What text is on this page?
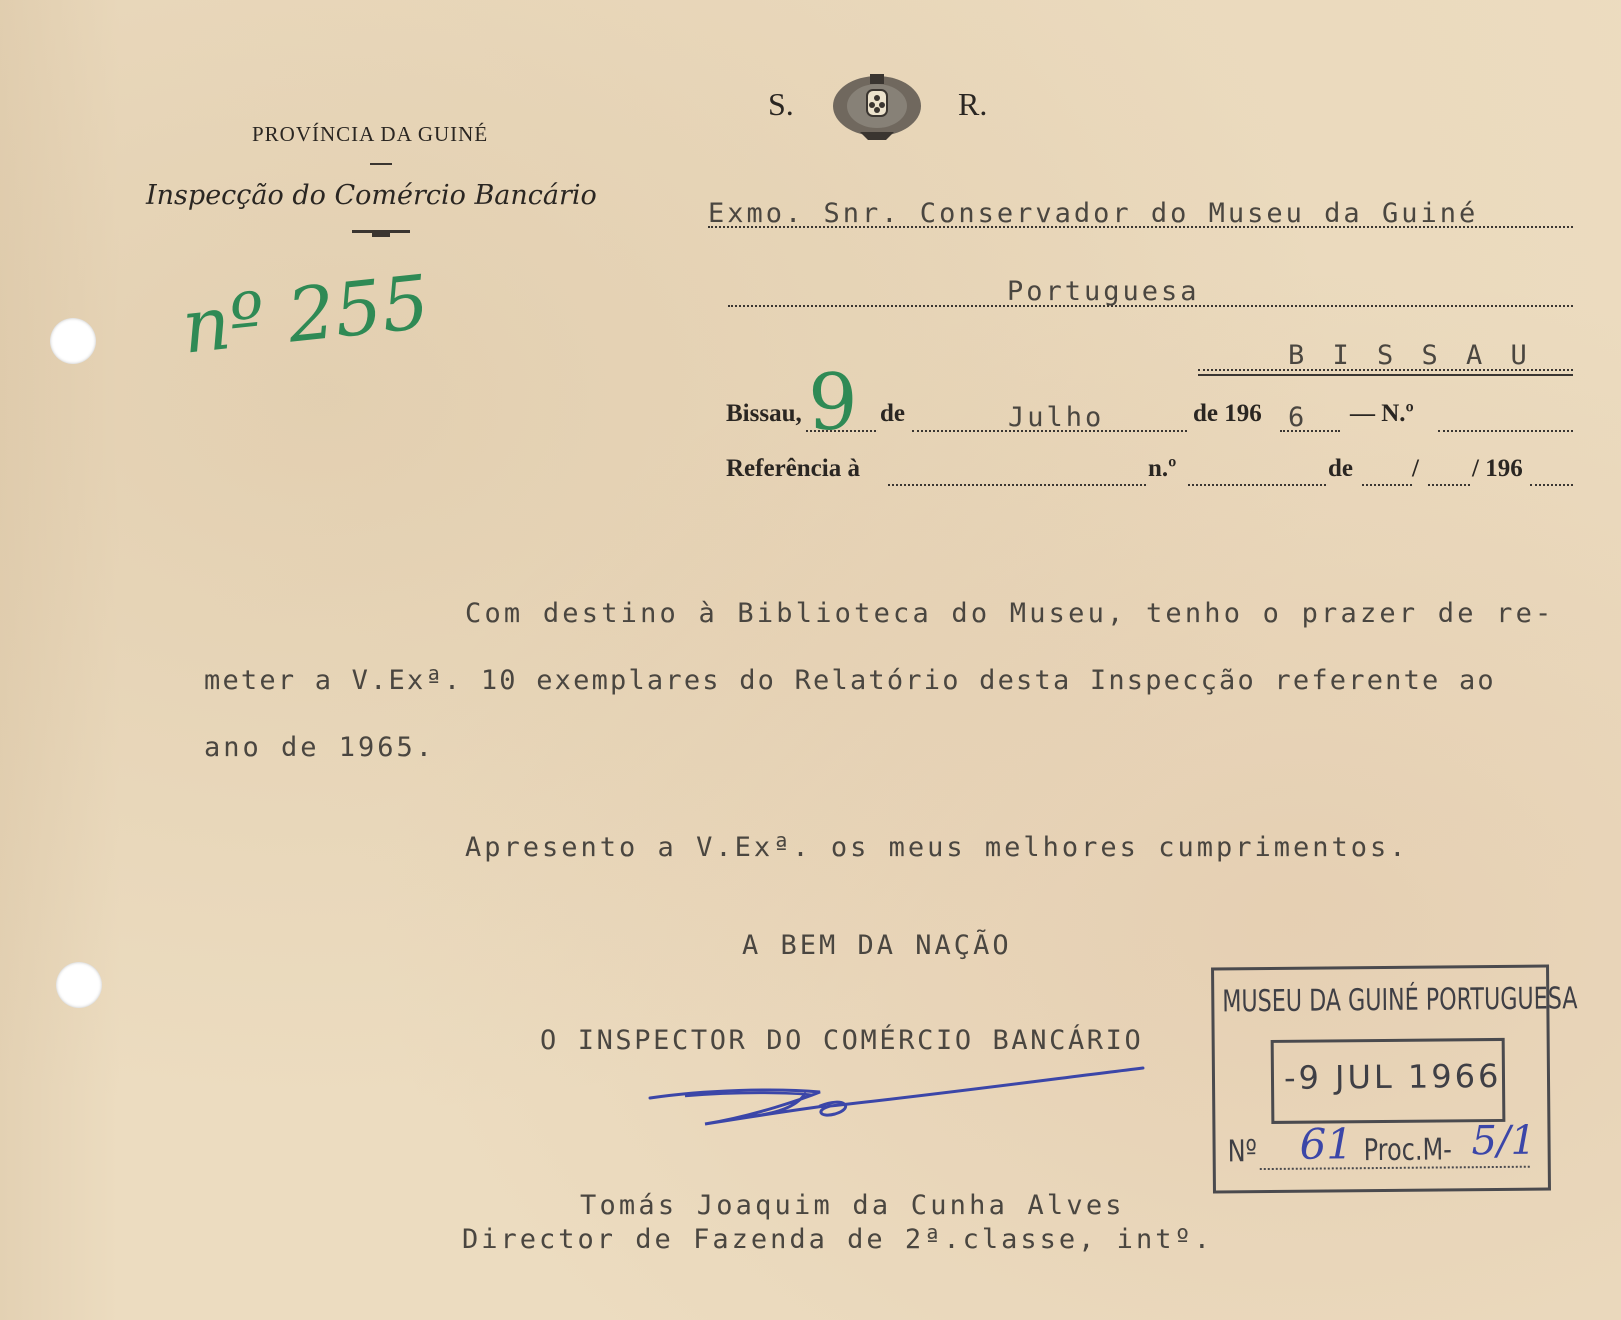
S.	R.
PROVÍNCIA DA GUINÉ
Inspecção do Comércio Bancário
nº 255
Exmo. Snr. Conservador do Museu da Guiné
Portuguesa
B I S S A U
Bissau, 9 de	Julho	de 196 6 — N.º
Referência à	n.º	de / / 196
Com destino à Biblioteca do Museu, tenho o prazer de re-
meter a V.Exª. 10 exemplares do Relatório desta Inspecção referente ao
ano de 1965.
Apresento a V.Exª. os meus melhores cumprimentos.
A BEM DA NAÇÃO
O INSPECTOR DO COMÉRCIO BANCÁRIO
Tomás Joaquim da Cunha Alves
Director de Fazenda de 2ª.classe, intº.
MUSEU DA GUINÉ PORTUGUESA
-9 JUL 1966
Nº 61 Proc.M- 5/1
